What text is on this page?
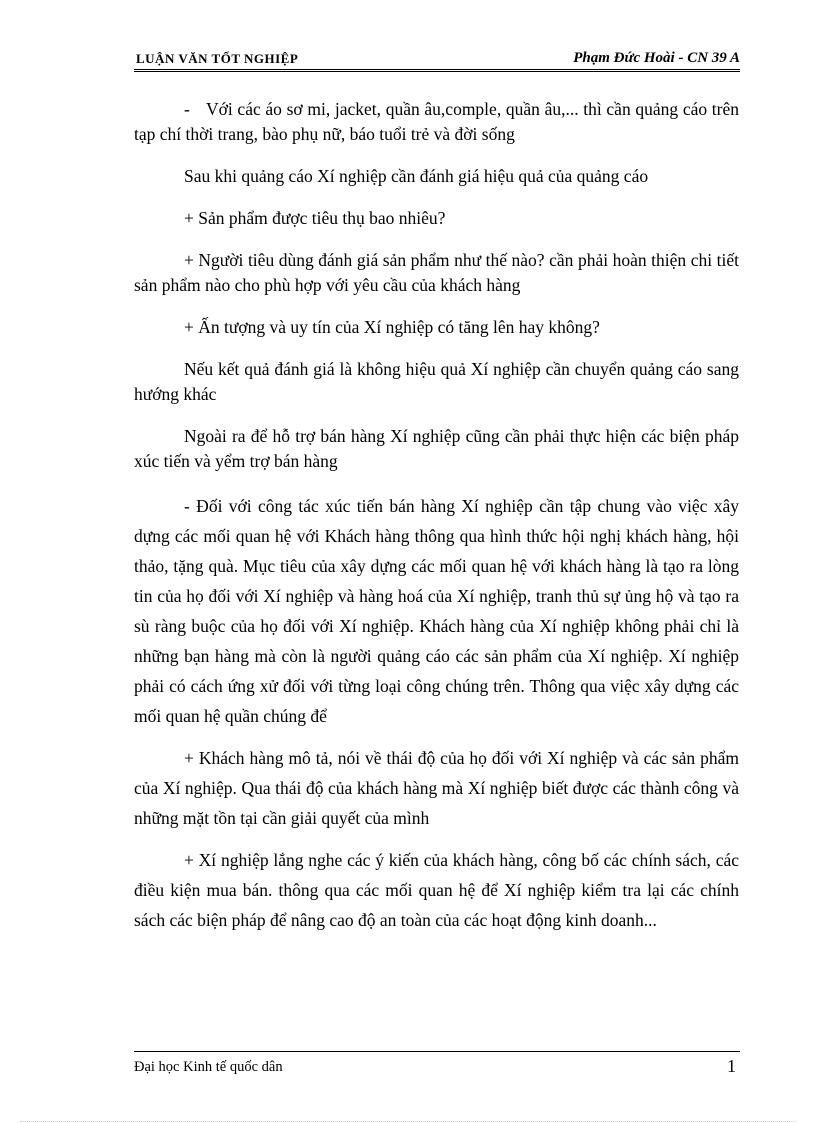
LUẬN VĂN TỐT NGHIỆP	Phạm Đức Hoài - CN 39 A

- Với các áo sơ mi, jacket, quần âu,comple, quần âu,... thì cần quảng cáo trên tạp chí thời trang, bào phụ nữ, báo tuổi trẻ và đời sống

Sau khi quảng cáo Xí nghiệp cần đánh giá hiệu quả của quảng cáo

+ Sản phẩm được tiêu thụ bao nhiêu?

+ Người tiêu dùng đánh giá sản phẩm như thế nào? cần phải hoàn thiện chi tiết sản phẩm nào cho phù hợp với yêu cầu của khách hàng

+ Ấn tượng và uy tín của Xí nghiệp có tăng lên hay không?

Nếu kết quả đánh giá là không hiệu quả Xí nghiệp cần chuyển quảng cáo sang hướng khác

Ngoài ra để hỗ trợ bán hàng Xí nghiệp cũng cần phải thực hiện các biện pháp xúc tiến và yểm trợ bán hàng

- Đối với công tác xúc tiến bán hàng Xí nghiệp cần tập chung vào việc xây dựng các mối quan hệ với Khách hàng thông qua hình thức hội nghị khách hàng, hội thảo, tặng quà. Mục tiêu của xây dựng các mối quan hệ với khách hàng là tạo ra lòng tin của họ đối với Xí nghiệp và hàng hoá của Xí nghiệp, tranh thủ sự ủng hộ và tạo ra sù ràng buộc của họ đối với Xí nghiệp. Khách hàng của Xí nghiệp không phải chỉ là những bạn hàng mà còn là người quảng cáo các sản phẩm của Xí nghiệp. Xí nghiệp phải có cách ứng xử đối với từng loại công chúng trên. Thông qua việc xây dựng các mối quan hệ quần chúng để

+ Khách hàng mô tả, nói về thái độ của họ đối với Xí nghiệp và các sản phẩm của Xí nghiệp. Qua thái độ của khách hàng mà Xí nghiệp biết được các thành công và những mặt tồn tại cần giải quyết của mình

+ Xí nghiệp lắng nghe các ý kiến của khách hàng, công bố các chính sách, các điều kiện mua bán. thông qua các mối quan hệ để Xí nghiệp kiểm tra lại các chính sách các biện pháp để nâng cao độ an toàn của các hoạt động kinh doanh...

Đại học Kinh tế quốc dân	1
